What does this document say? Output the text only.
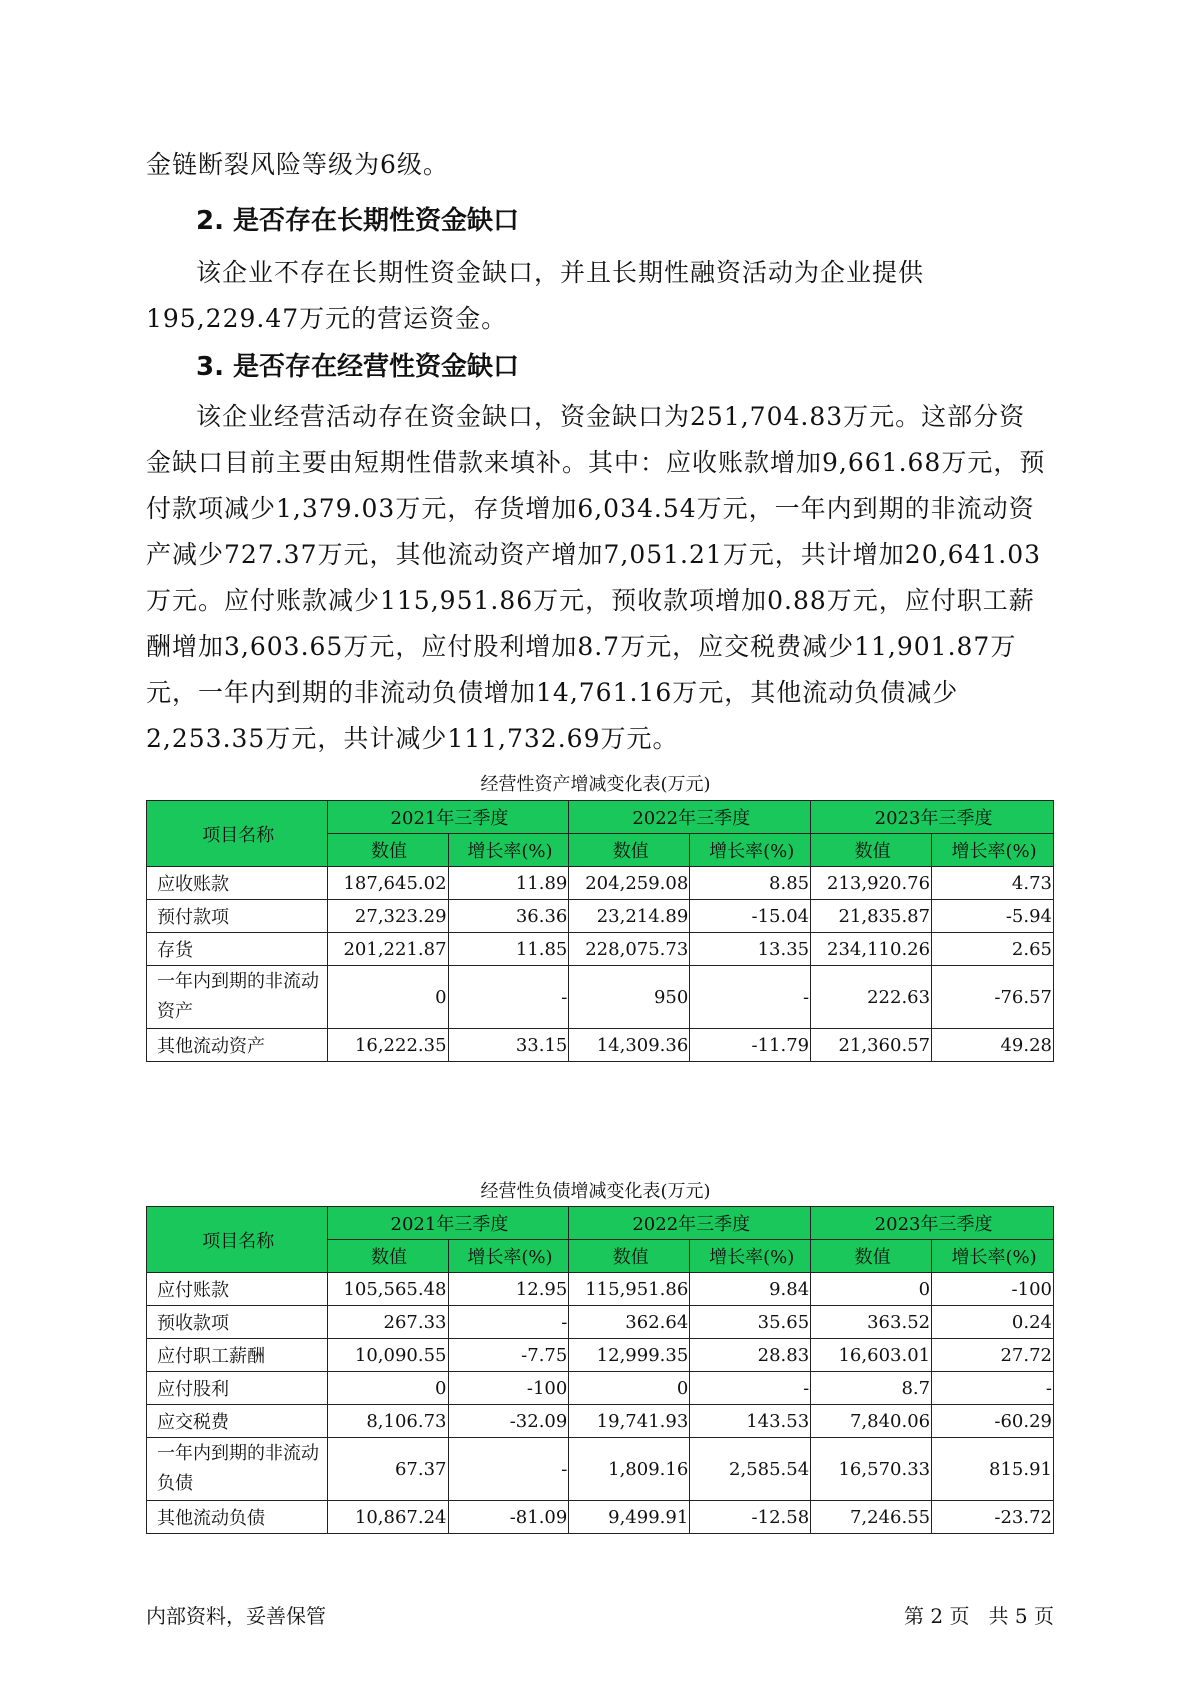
金链断裂风险等级为6级。

2. 是否存在长期性资金缺口

该企业不存在长期性资金缺口，并且长期性融资活动为企业提供195,229.47万元的营运资金。

3. 是否存在经营性资金缺口

该企业经营活动存在资金缺口，资金缺口为251,704.83万元。这部分资金缺口目前主要由短期性借款来填补。其中：应收账款增加9,661.68万元，预付款项减少1,379.03万元，存货增加6,034.54万元，一年内到期的非流动资产减少727.37万元，其他流动资产增加7,051.21万元，共计增加20,641.03万元。应付账款减少115,951.86万元，预收款项增加0.88万元，应付职工薪酬增加3,603.65万元，应付股利增加8.7万元，应交税费减少11,901.87万元，一年内到期的非流动负债增加14,761.16万元，其他流动负债减少2,253.35万元，共计减少111,732.69万元。

经营性资产增减变化表(万元)
项目名称	2021年三季度		2022年三季度		2023年三季度	
	数值	增长率(%)	数值	增长率(%)	数值	增长率(%)
应收账款	187,645.02	11.89	204,259.08	8.85	213,920.76	4.73
预付款项	27,323.29	36.36	23,214.89	-15.04	21,835.87	-5.94
存货	201,221.87	11.85	228,075.73	13.35	234,110.26	2.65
一年内到期的非流动资产	0	-	950	-	222.63	-76.57
其他流动资产	16,222.35	33.15	14,309.36	-11.79	21,360.57	49.28
经营性负债增减变化表(万元)
项目名称	2021年三季度		2022年三季度		2023年三季度	
	数值	增长率(%)	数值	增长率(%)	数值	增长率(%)
应付账款	105,565.48	12.95	115,951.86	9.84	0	-100
预收款项	267.33	-	362.64	35.65	363.52	0.24
应付职工薪酬	10,090.55	-7.75	12,999.35	28.83	16,603.01	27.72
应付股利	0	-100	0	-	8.7	-
应交税费	8,106.73	-32.09	19,741.93	143.53	7,840.06	-60.29
一年内到期的非流动负债	67.37	-	1,809.16	2,585.54	16,570.33	815.91
其他流动负债	10,867.24	-81.09	9,499.91	-12.58	7,246.55	-23.72
内部资料，妥善保管	第 2 页   共 5 页
